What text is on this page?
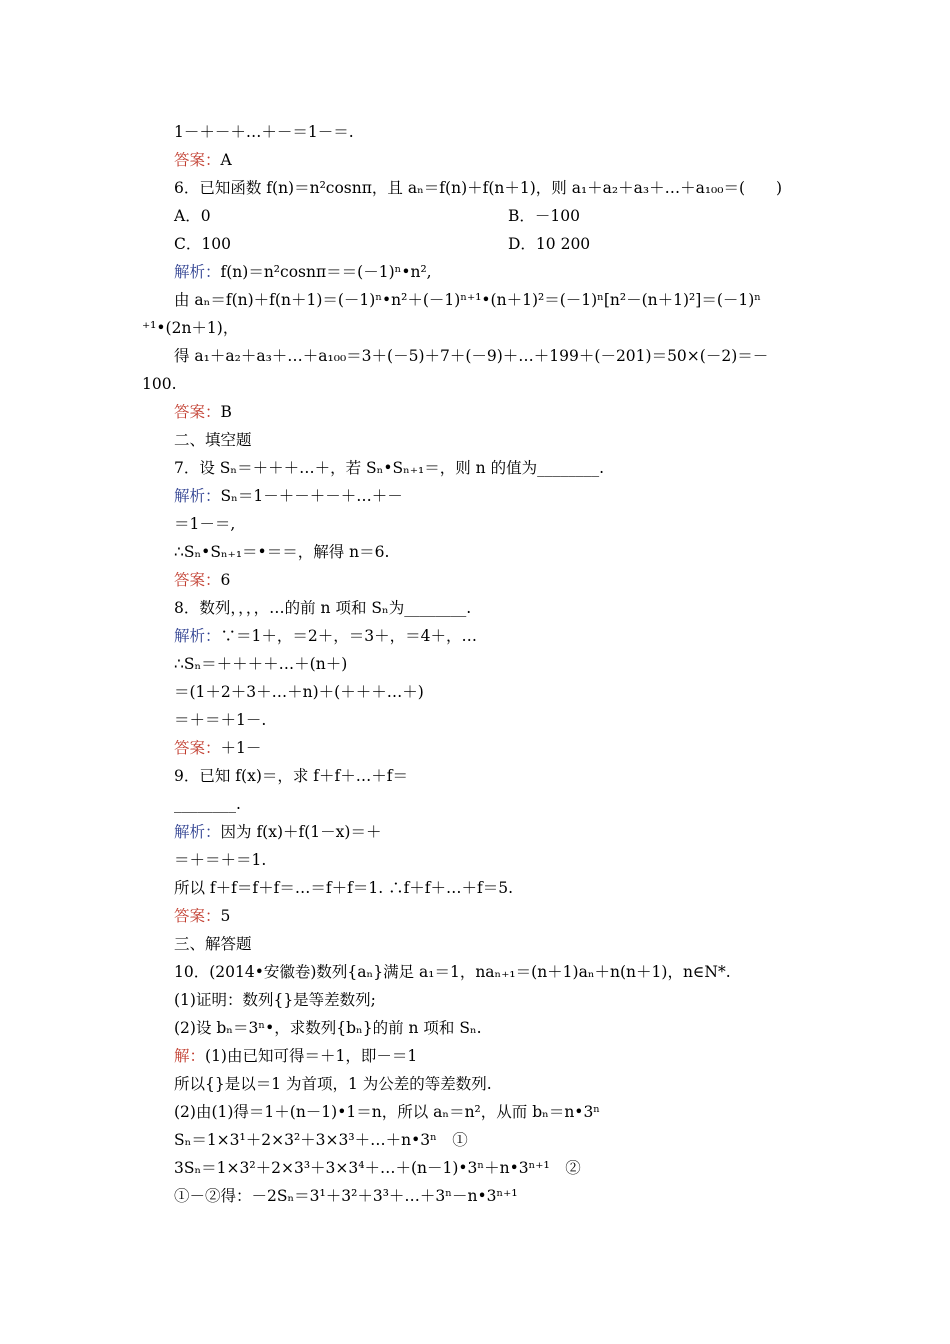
1－＋－＋…＋－＝1－＝.
答案：A
6．已知函数 f(n)＝n²cosnπ，且 aₙ＝f(n)＋f(n＋1)，则 a₁＋a₂＋a₃＋…＋a₁₀₀＝(　　)
A．0	B．－100
C．100	D．10 200
解析：f(n)＝n²cosnπ＝＝(－1)ⁿ•n²,
由 aₙ＝f(n)＋f(n＋1)＝(－1)ⁿ•n²＋(－1)ⁿ⁺¹•(n＋1)²＝(－1)ⁿ[n²－(n＋1)²]＝(－1)ⁿ
⁺¹•(2n＋1)，
得 a₁＋a₂＋a₃＋…＋a₁₀₀＝3＋(－5)＋7＋(－9)＋…＋199＋(－201)＝50×(－2)＝－
100.
答案：B
二、填空题
7．设 Sₙ＝＋＋＋…＋，若 Sₙ•Sₙ₊₁＝，则 n 的值为________.
解析：Sₙ＝1－＋－＋－＋…＋－
＝1－＝,
∴Sₙ•Sₙ₊₁＝•＝＝，解得 n＝6.
答案：6
8．数列，，，，…的前 n 项和 Sₙ为________.
解析：∵＝1＋，＝2＋，＝3＋，＝4＋，…
∴Sₙ＝＋＋＋＋…＋(n＋)
＝(1＋2＋3＋…＋n)＋(＋＋＋…＋)
＝＋＝＋1－.
答案：＋1－
9．已知 f(x)＝，求 f＋f＋…＋f＝
________.
解析：因为 f(x)＋f(1－x)＝＋
＝＋＝＋＝1.
所以 f＋f＝f＋f＝…＝f＋f＝1. ∴f＋f＋…＋f＝5.
答案：5
三、解答题
10．(2014•安徽卷)数列{aₙ}满足 a₁＝1，naₙ₊₁＝(n＋1)aₙ＋n(n＋1)，n∈N*.
(1)证明：数列{}是等差数列;
(2)设 bₙ＝3ⁿ•，求数列{bₙ}的前 n 项和 Sₙ.
解：(1)由已知可得＝＋1，即－＝1
所以{}是以＝1 为首项，1 为公差的等差数列.
(2)由(1)得＝1＋(n－1)•1＝n，所以 aₙ＝n²，从而 bₙ＝n•3ⁿ
Sₙ＝1×3¹＋2×3²＋3×3³＋…＋n•3ⁿ　①
3Sₙ＝1×3²＋2×3³＋3×3⁴＋…＋(n－1)•3ⁿ＋n•3ⁿ⁺¹　②
①－②得：－2Sₙ＝3¹＋3²＋3³＋…＋3ⁿ－n•3ⁿ⁺¹
